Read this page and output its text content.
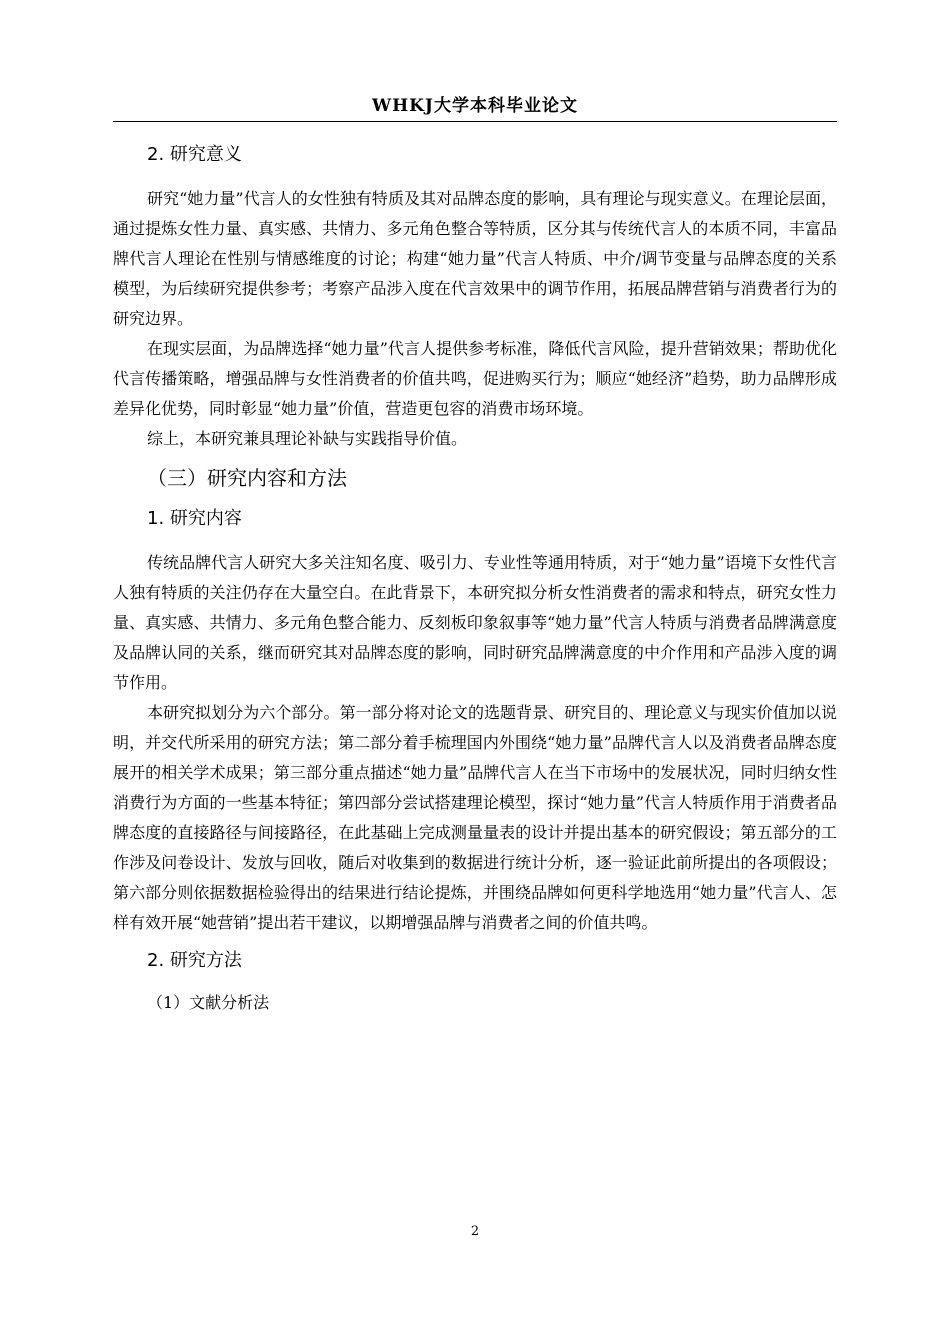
WHKJ大学本科毕业论文
2. 研究意义

研究“她力量”代言人的女性独有特质及其对品牌态度的影响，具有理论与现实意义。在理论层面，通过提炼女性力量、真实感、共情力、多元角色整合等特质，区分其与传统代言人的本质不同，丰富品牌代言人理论在性别与情感维度的讨论；构建“她力量”代言人特质、中介/调节变量与品牌态度的关系模型，为后续研究提供参考；考察产品涉入度在代言效果中的调节作用，拓展品牌营销与消费者行为的研究边界。

在现实层面，为品牌选择“她力量”代言人提供参考标准，降低代言风险，提升营销效果；帮助优化代言传播策略，增强品牌与女性消费者的价值共鸣，促进购买行为；顺应“她经济”趋势，助力品牌形成差异化优势，同时彰显“她力量”价值，营造更包容的消费市场环境。

综上，本研究兼具理论补缺与实践指导价值。

（三）研究内容和方法
1. 研究内容

传统品牌代言人研究大多关注知名度、吸引力、专业性等通用特质，对于“她力量”语境下女性代言人独有特质的关注仍存在大量空白。在此背景下，本研究拟分析女性消费者的需求和特点，研究女性力量、真实感、共情力、多元角色整合能力、反刻板印象叙事等“她力量”代言人特质与消费者品牌满意度及品牌认同的关系，继而研究其对品牌态度的影响，同时研究品牌满意度的中介作用和产品涉入度的调节作用。

本研究拟划分为六个部分。第一部分将对论文的选题背景、研究目的、理论意义与现实价值加以说明，并交代所采用的研究方法；第二部分着手梳理国内外围绕“她力量”品牌代言人以及消费者品牌态度展开的相关学术成果；第三部分重点描述“她力量”品牌代言人在当下市场中的发展状况，同时归纳女性消费行为方面的一些基本特征；第四部分尝试搭建理论模型，探讨“她力量”代言人特质作用于消费者品牌态度的直接路径与间接路径，在此基础上完成测量量表的设计并提出基本的研究假设；第五部分的工作涉及问卷设计、发放与回收，随后对收集到的数据进行统计分析，逐一验证此前所提出的各项假设；第六部分则依据数据检验得出的结果进行结论提炼，并围绕品牌如何更科学地选用“她力量”代言人、怎样有效开展“她营销”提出若干建议，以期增强品牌与消费者之间的价值共鸣。

2. 研究方法
（1）文献分析法
2
